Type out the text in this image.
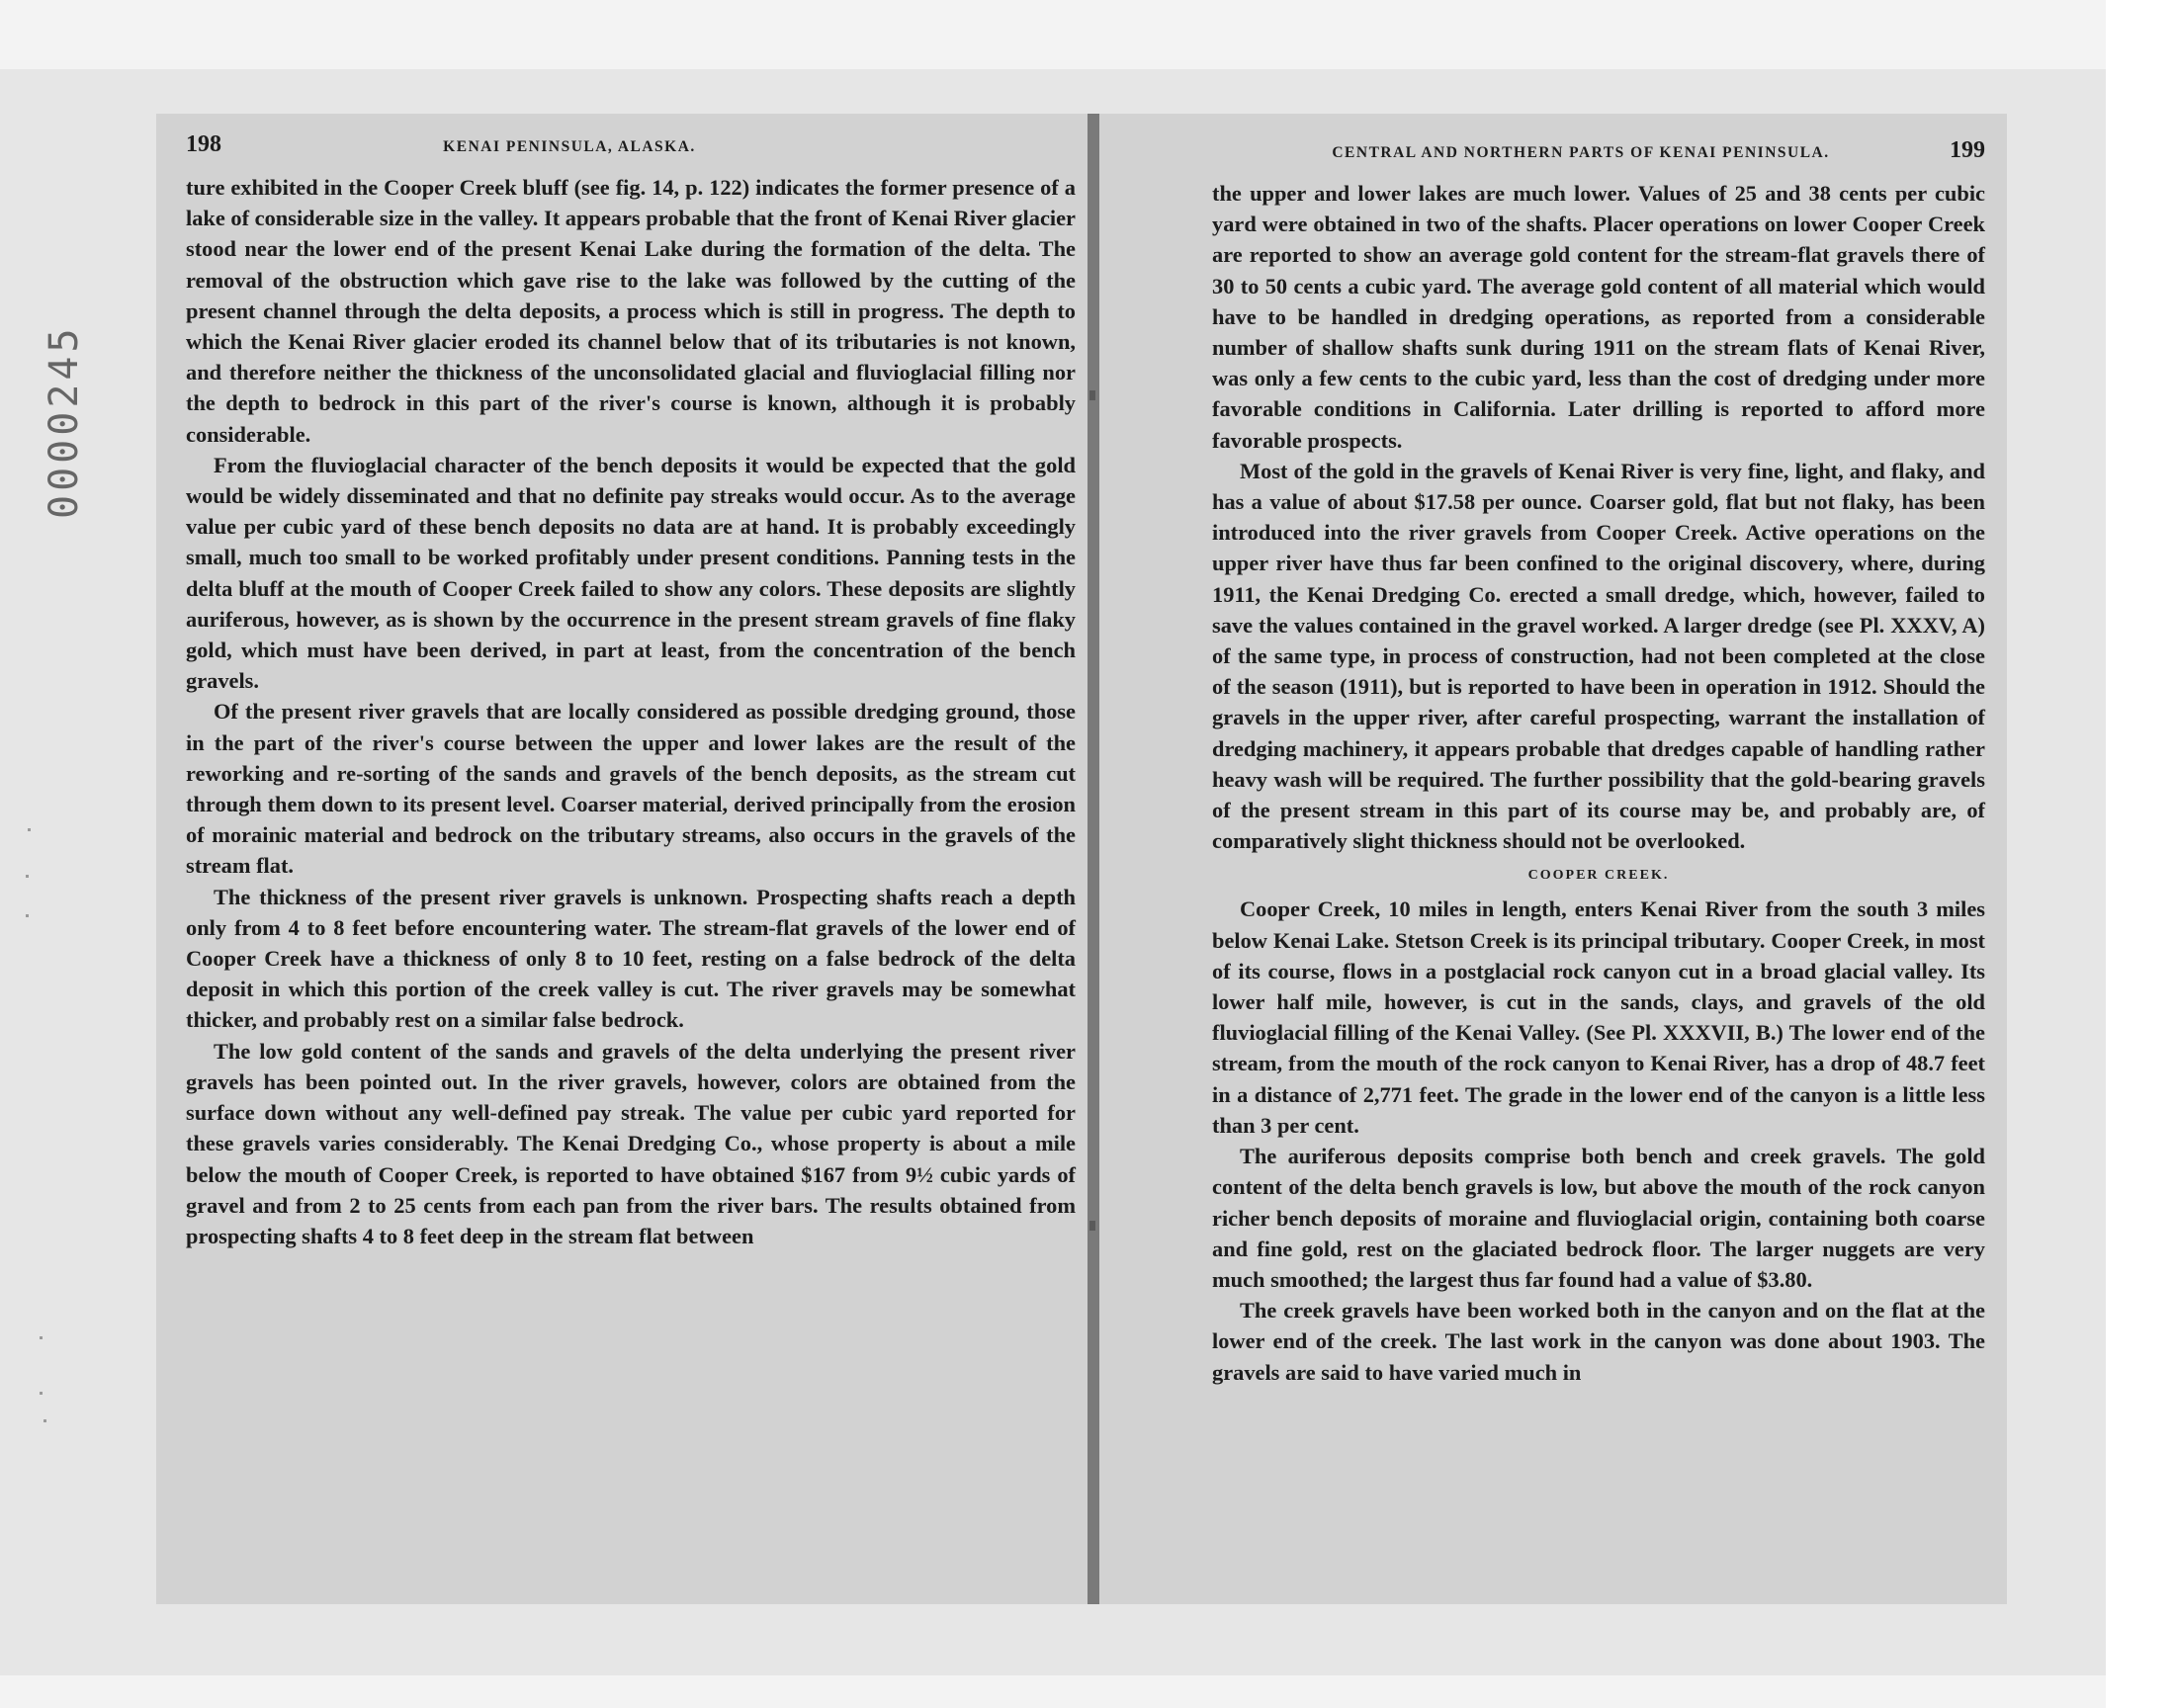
0000245
198	KENAI PENINSULA, ALASKA.

ture exhibited in the Cooper Creek bluff (see fig. 14, p. 122) indicates the former presence of a lake of considerable size in the valley. It appears probable that the front of Kenai River glacier stood near the lower end of the present Kenai Lake during the formation of the delta. The removal of the obstruction which gave rise to the lake was followed by the cutting of the present channel through the delta deposits, a process which is still in progress. The depth to which the Kenai River glacier eroded its channel below that of its tributaries is not known, and therefore neither the thickness of the unconsolidated glacial and fluvioglacial filling nor the depth to bedrock in this part of the river's course is known, although it is probably considerable.

From the fluvioglacial character of the bench deposits it would be expected that the gold would be widely disseminated and that no definite pay streaks would occur. As to the average value per cubic yard of these bench deposits no data are at hand. It is probably exceedingly small, much too small to be worked profitably under present conditions. Panning tests in the delta bluff at the mouth of Cooper Creek failed to show any colors. These deposits are slightly auriferous, however, as is shown by the occurrence in the present stream gravels of fine flaky gold, which must have been derived, in part at least, from the concentration of the bench gravels.

Of the present river gravels that are locally considered as possible dredging ground, those in the part of the river's course between the upper and lower lakes are the result of the reworking and re-sorting of the sands and gravels of the bench deposits, as the stream cut through them down to its present level. Coarser material, derived principally from the erosion of morainic material and bedrock on the tributary streams, also occurs in the gravels of the stream flat.

The thickness of the present river gravels is unknown. Prospecting shafts reach a depth only from 4 to 8 feet before encountering water. The stream-flat gravels of the lower end of Cooper Creek have a thickness of only 8 to 10 feet, resting on a false bedrock of the delta deposit in which this portion of the creek valley is cut. The river gravels may be somewhat thicker, and probably rest on a similar false bedrock.

The low gold content of the sands and gravels of the delta underlying the present river gravels has been pointed out. In the river gravels, however, colors are obtained from the surface down without any well-defined pay streak. The value per cubic yard reported for these gravels varies considerably. The Kenai Dredging Co., whose property is about a mile below the mouth of Cooper Creek, is reported to have obtained $167 from 9½ cubic yards of gravel and from 2 to 25 cents from each pan from the river bars. The results obtained from prospecting shafts 4 to 8 feet deep in the stream flat between

CENTRAL AND NORTHERN PARTS OF KENAI PENINSULA.	199

the upper and lower lakes are much lower. Values of 25 and 38 cents per cubic yard were obtained in two of the shafts. Placer operations on lower Cooper Creek are reported to show an average gold content for the stream-flat gravels there of 30 to 50 cents a cubic yard. The average gold content of all material which would have to be handled in dredging operations, as reported from a considerable number of shallow shafts sunk during 1911 on the stream flats of Kenai River, was only a few cents to the cubic yard, less than the cost of dredging under more favorable conditions in California. Later drilling is reported to afford more favorable prospects.

Most of the gold in the gravels of Kenai River is very fine, light, and flaky, and has a value of about $17.58 per ounce. Coarser gold, flat but not flaky, has been introduced into the river gravels from Cooper Creek. Active operations on the upper river have thus far been confined to the original discovery, where, during 1911, the Kenai Dredging Co. erected a small dredge, which, however, failed to save the values contained in the gravel worked. A larger dredge (see Pl. XXXV, A) of the same type, in process of construction, had not been completed at the close of the season (1911), but is reported to have been in operation in 1912. Should the gravels in the upper river, after careful prospecting, warrant the installation of dredging machinery, it appears probable that dredges capable of handling rather heavy wash will be required. The further possibility that the gold-bearing gravels of the present stream in this part of its course may be, and probably are, of comparatively slight thickness should not be overlooked.

COOPER CREEK.

Cooper Creek, 10 miles in length, enters Kenai River from the south 3 miles below Kenai Lake. Stetson Creek is its principal tributary. Cooper Creek, in most of its course, flows in a postglacial rock canyon cut in a broad glacial valley. Its lower half mile, however, is cut in the sands, clays, and gravels of the old fluvioglacial filling of the Kenai Valley. (See Pl. XXXVII, B.) The lower end of the stream, from the mouth of the rock canyon to Kenai River, has a drop of 48.7 feet in a distance of 2,771 feet. The grade in the lower end of the canyon is a little less than 3 per cent.

The auriferous deposits comprise both bench and creek gravels. The gold content of the delta bench gravels is low, but above the mouth of the rock canyon richer bench deposits of moraine and fluvioglacial origin, containing both coarse and fine gold, rest on the glaciated bedrock floor. The larger nuggets are very much smoothed; the largest thus far found had a value of $3.80.

The creek gravels have been worked both in the canyon and on the flat at the lower end of the creek. The last work in the canyon was done about 1903. The gravels are said to have varied much in
